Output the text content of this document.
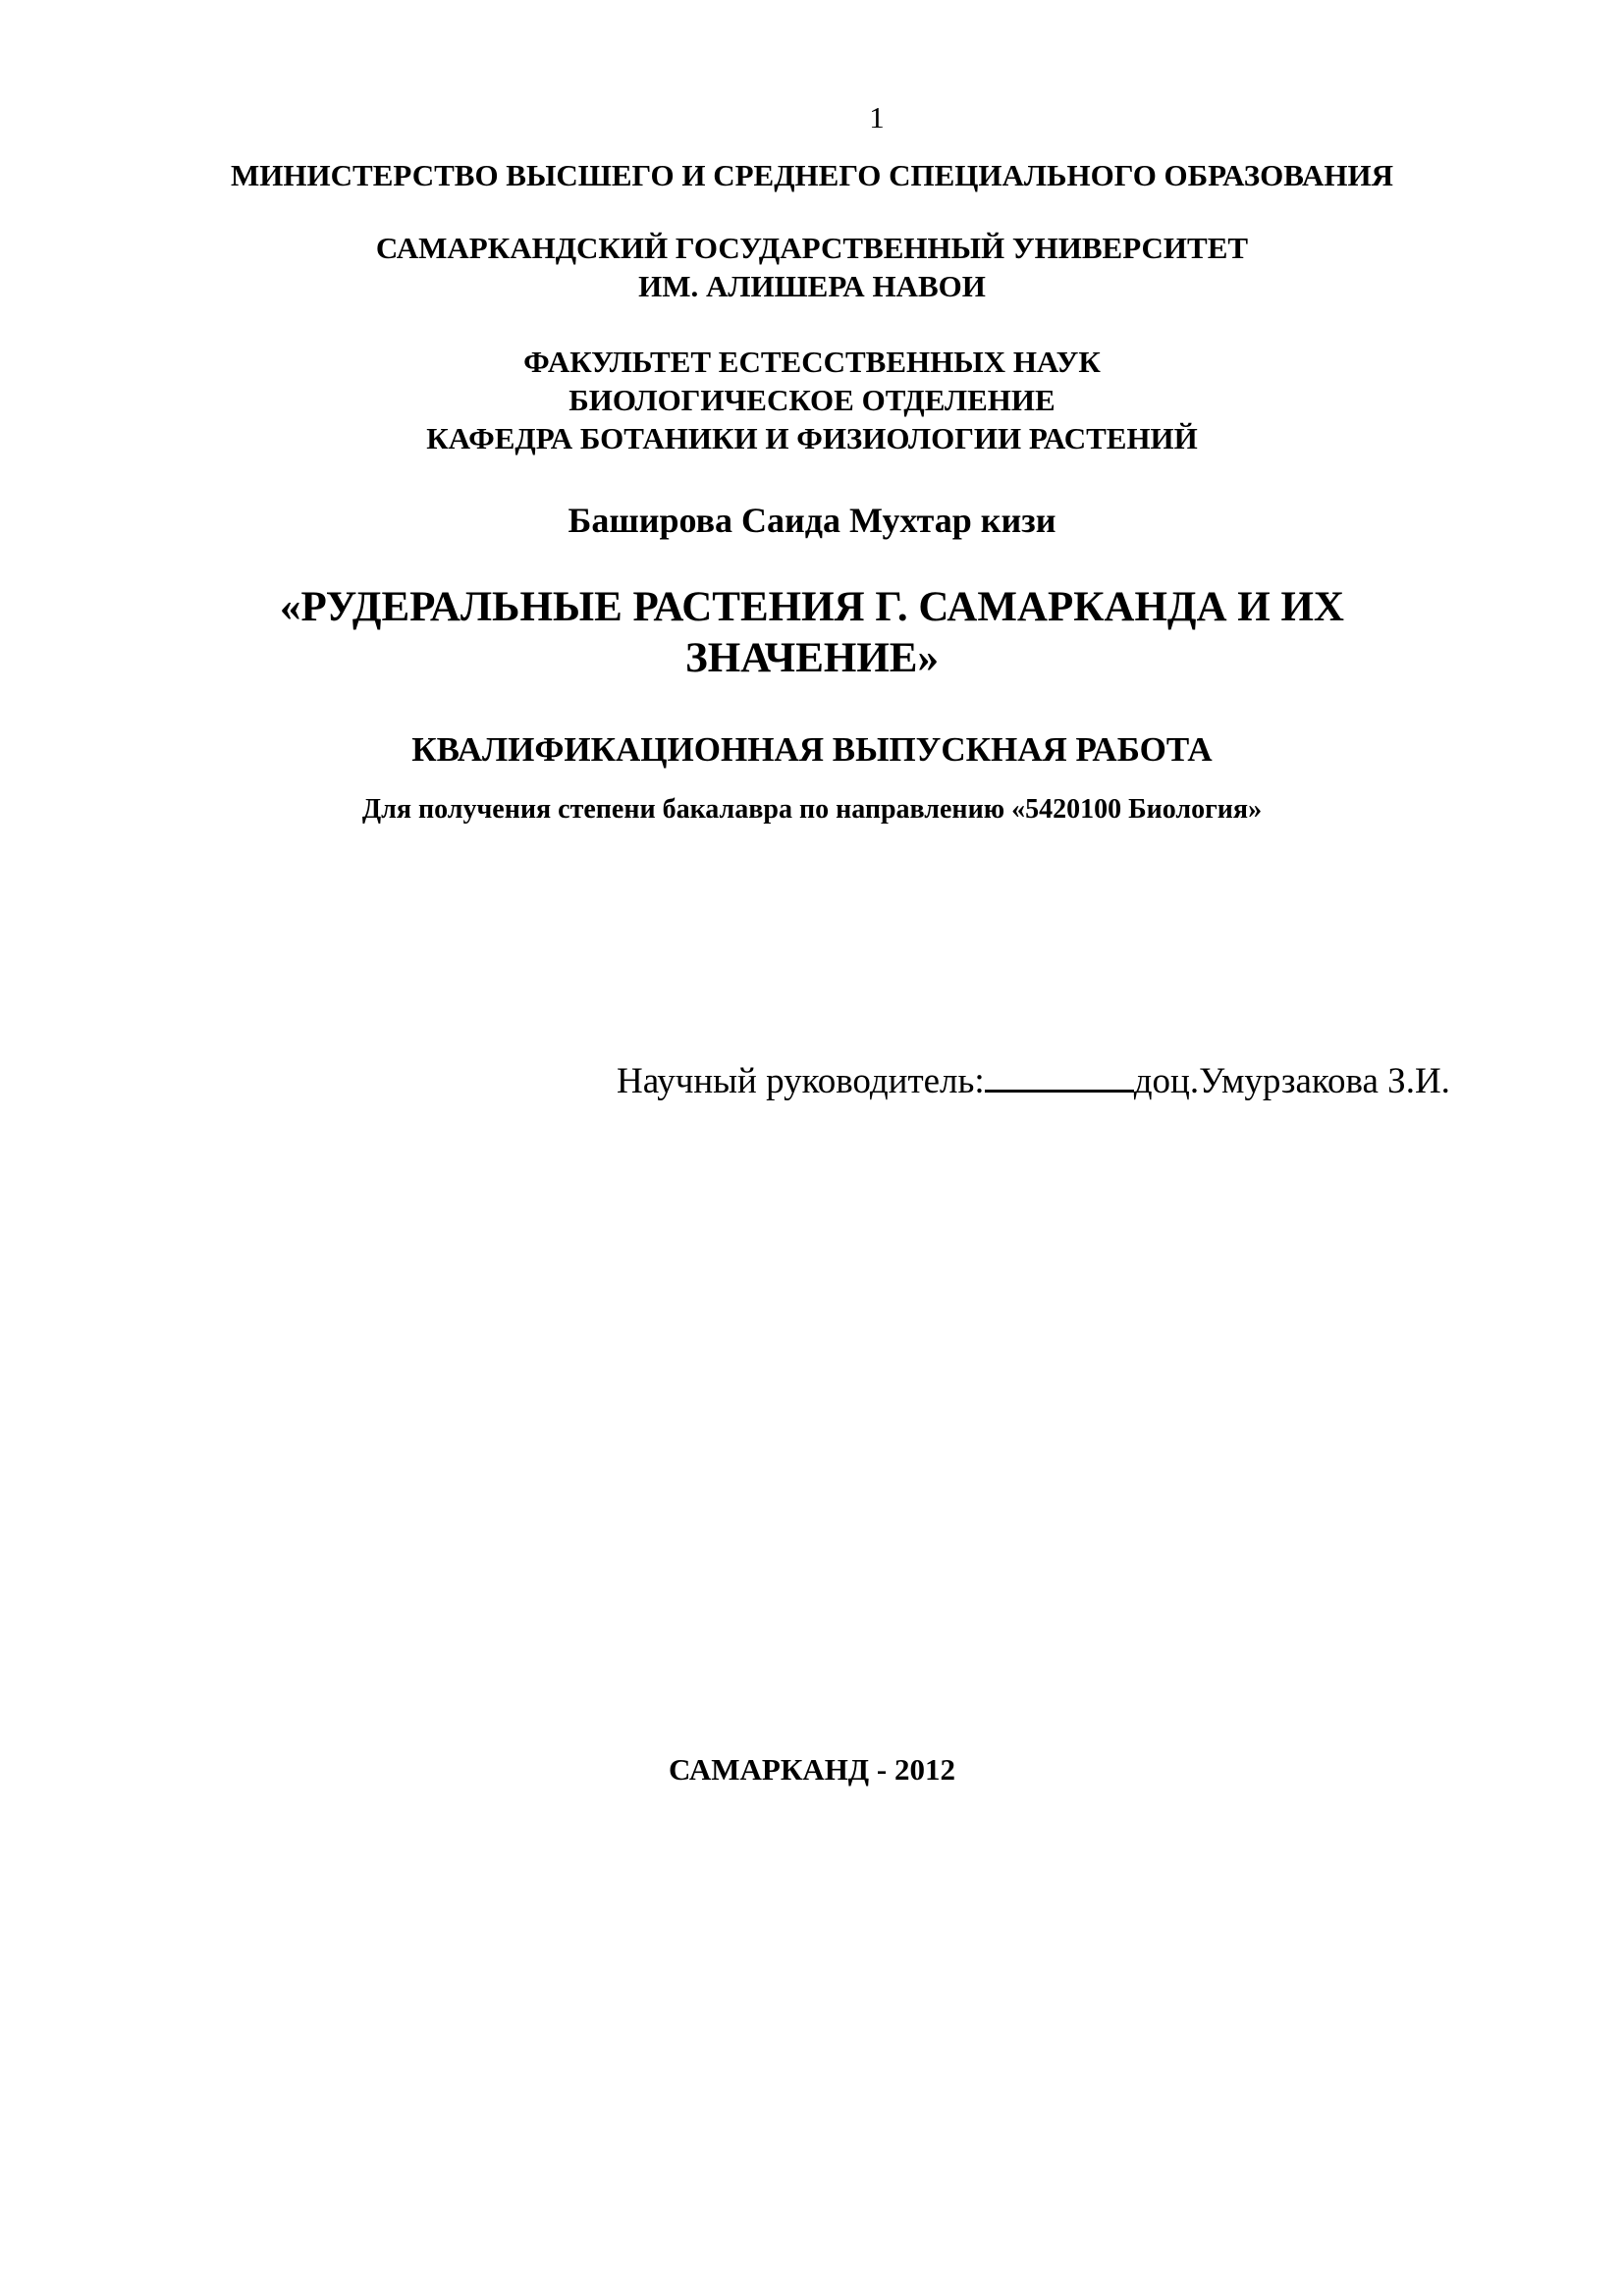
1
МИНИСТЕРСТВО ВЫСШЕГО И СРЕДНЕГО СПЕЦИАЛЬНОГО ОБРАЗОВАНИЯ
САМАРКАНДСКИЙ ГОСУДАРСТВЕННЫЙ УНИВЕРСИТЕТ
ИМ. АЛИШЕРА НАВОИ
ФАКУЛЬТЕТ ЕСТЕССТВЕННЫХ НАУК
БИОЛОГИЧЕСКОЕ ОТДЕЛЕНИЕ
КАФЕДРА БОТАНИКИ И ФИЗИОЛОГИИ РАСТЕНИЙ
Баширова Саида Мухтар кизи
«РУДЕРАЛЬНЫЕ РАСТЕНИЯ Г. САМАРКАНДА И ИХ
ЗНАЧЕНИЕ»
КВАЛИФИКАЦИОННАЯ ВЫПУСКНАЯ РАБОТА
Для получения степени бакалавра по направлению «5420100 Биология»
Научный руководитель:	доц.Умурзакова З.И.
САМАРКАНД - 2012
